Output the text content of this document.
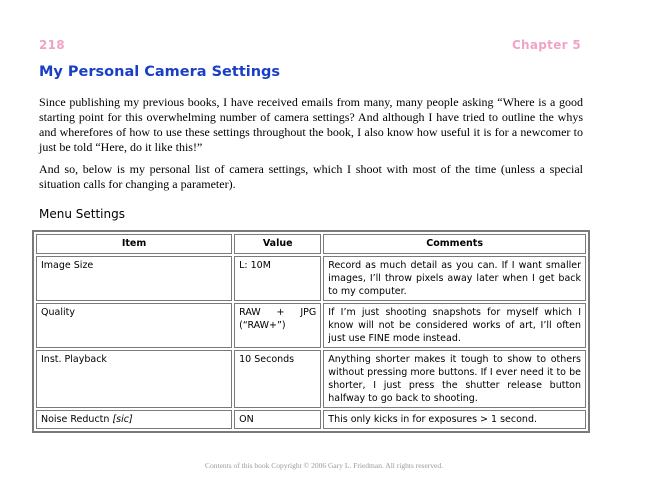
218	Chapter 5
My Personal Camera Settings

Since publishing my previous books, I have received emails from many, many people asking “Where is a good starting point for this overwhelming number of camera settings? And although I have tried to outline the whys and wherefores of how to use these settings throughout the book, I also know how useful it is for a newcomer to just be told “Here, do it like this!”

And so, below is my personal list of camera settings, which I shoot with most of the time (unless a special situation calls for changing a parameter).

Menu Settings
Item	Value	Comments
Image Size	L: 10M	Record as much detail as you can. If I want smaller images, I’ll throw pixels away later when I get back to my computer.
Quality	RAW + JPG (“RAW+”)	If I’m just shooting snapshots for myself which I know will not be considered works of art, I’ll often just use FINE mode instead.
Inst. Playback	10 Seconds	Anything shorter makes it tough to show to others without pressing more buttons. If I ever need it to be shorter, I just press the shutter release button halfway to go back to shooting.
Noise Reductn [sic]	ON	This only kicks in for exposures > 1 second.
Contents of this book Copyright © 2006 Gary L. Friedman. All rights reserved.
